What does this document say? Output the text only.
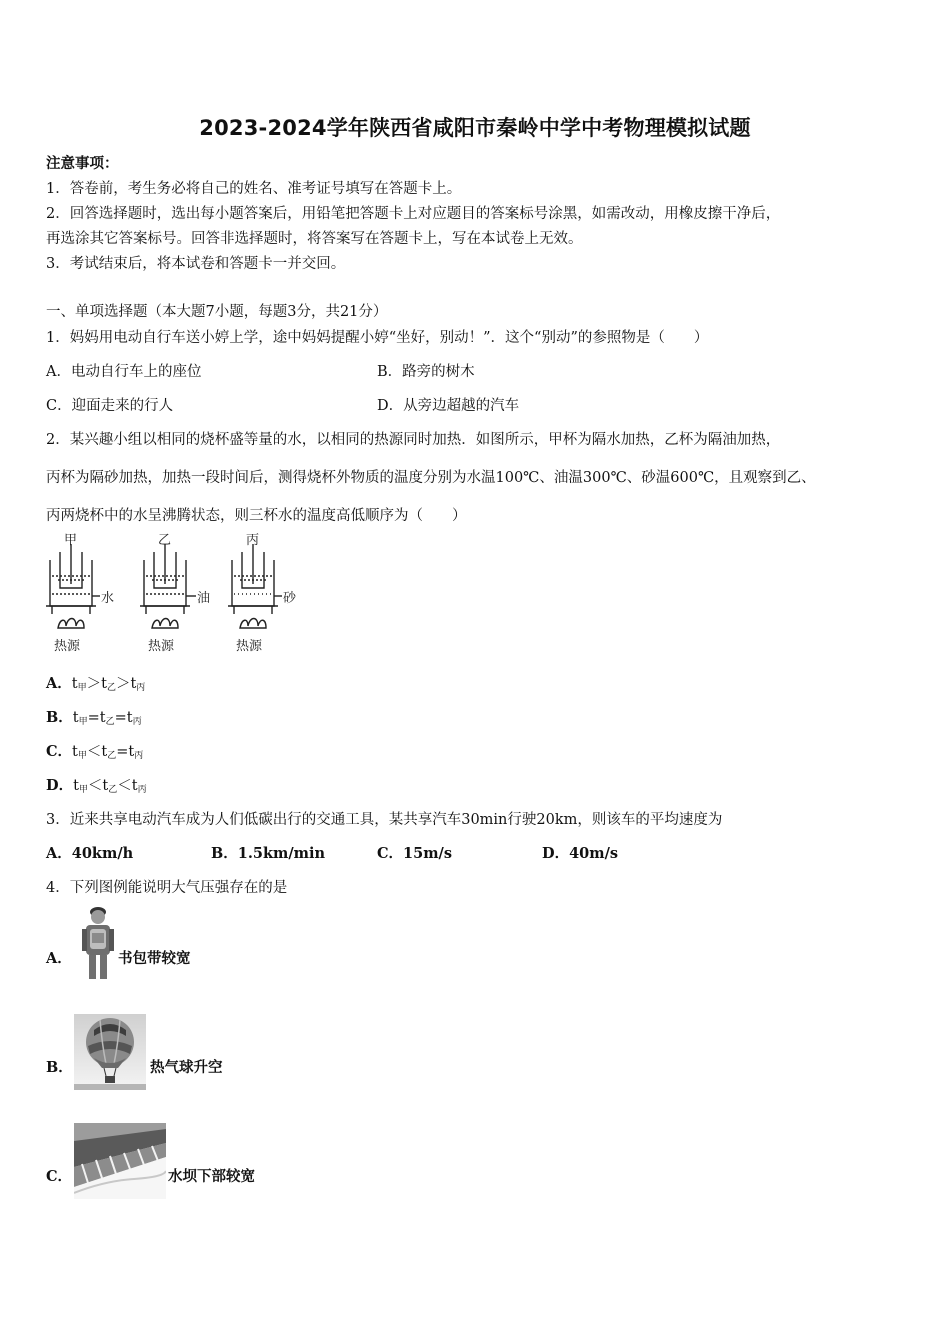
2023-2024学年陕西省咸阳市秦岭中学中考物理模拟试题
注意事项：
1．答卷前，考生务必将自己的姓名、准考证号填写在答题卡上。
2．回答选择题时，选出每小题答案后，用铅笔把答题卡上对应题目的答案标号涂黑，如需改动，用橡皮擦干净后，
再选涂其它答案标号。回答非选择题时，将答案写在答题卡上，写在本试卷上无效。
3．考试结束后，将本试卷和答题卡一并交回。
一、单项选择题（本大题7小题，每题3分，共21分）
1．妈妈用电动自行车送小婷上学，途中妈妈提醒小婷“坐好，别动！”．这个“别动”的参照物是（　　）
A．电动自行车上的座位	B．路旁的树木
C．迎面走来的行人	D．从旁边超越的汽车
2．某兴趣小组以相同的烧杯盛等量的水，以相同的热源同时加热．如图所示，甲杯为隔水加热，乙杯为隔油加热，
丙杯为隔砂加热，加热一段时间后，测得烧杯外物质的温度分别为水温100℃、油温300℃、砂温600℃，且观察到乙、
丙两烧杯中的水呈沸腾状态，则三杯水的温度高低顺序为（　　）
甲	乙	丙
水	油	砂
热源	热源	热源
A．t甲＞t乙＞t丙
B．t甲=t乙=t丙
C．t甲＜t乙=t丙
D．t甲＜t乙＜t丙
3．近来共享电动汽车成为人们低碳出行的交通工具，某共享汽车30min行驶20km，则该车的平均速度为
A．40km/h	B．1.5km/min	C．15m/s	D．40m/s
4．下列图例能说明大气压强存在的是
A．	书包带较宽
B．	热气球升空
C．	水坝下部较宽
